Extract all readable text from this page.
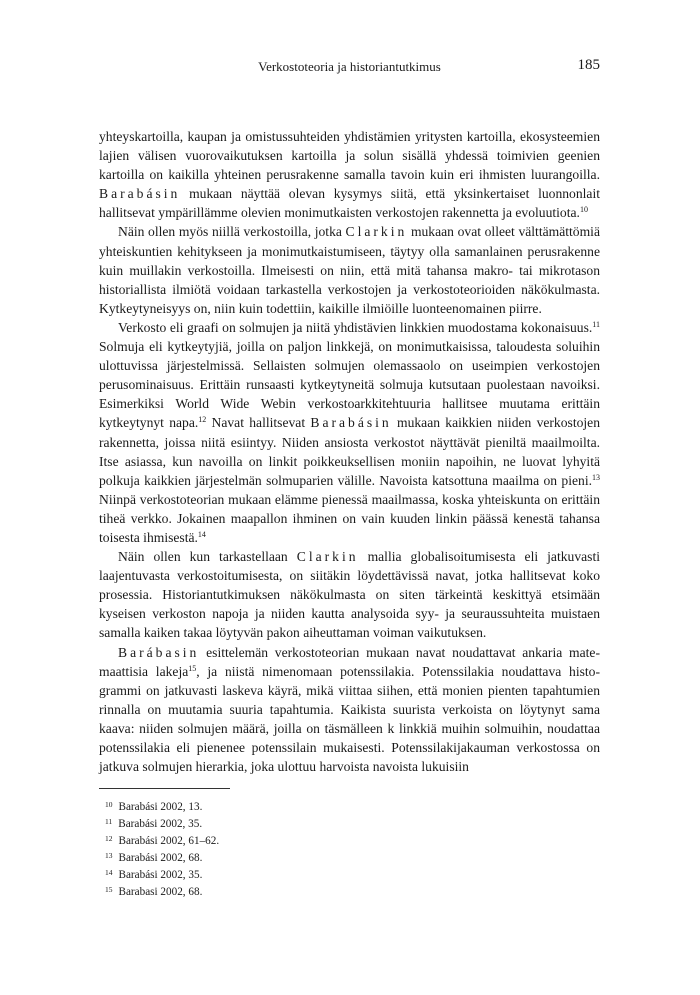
Verkostoteoria ja historiantutkimus	185

yhteyskartoilla, kaupan ja omistussuhteiden yhdistämien yritysten kartoilla, ekosysteemien lajien välisen vuorovaikutuksen kartoilla ja solun sisällä yhdessä toimivien geenien kartoilla on kaikilla yhteinen perusrakenne samalla tavoin kuin eri ihmisten luurangoilla. Barabásin mukaan näyttää olevan kysymys siitä, että yksinkertaiset luonnonlait hallitsevat ympärillämme olevien monimutkaisten verkostojen rakennetta ja evoluutiota.$^{10}$

Näin ollen myös niillä verkostoilla, jotka Clarkin mukaan ovat olleet välttämättömiä yhteiskuntien kehitykseen ja monimutkaistumiseen, täytyy olla samanlainen perusrakenne kuin muillakin verkostoilla. Ilmeisesti on niin, että mitä tahansa makro- tai mikrotason historiallista ilmiötä voidaan tarkastella verkostojen ja verkostoteorioiden näkökulmasta. Kytkeytyneisyys on, niin kuin todettiin, kaikille ilmiöille luonteenomainen piirre.

Verkosto eli graafi on solmujen ja niitä yhdistävien linkkien muodostama kokonaisuus.$^{11}$ Solmuja eli kytkeytyjiä, joilla on paljon linkkejä, on monimutkaisissa, taloudesta soluihin ulottuvissa järjestelmissä. Sellaisten solmujen olemassaolo on useimpien verkostojen perusominaisuus. Erittäin runsaasti kytkeytyneitä solmuja kutsutaan puolestaan navoiksi. Esimerkiksi World Wide Webin verkostoarkkitehtuuria hallitsee muutama erittäin kytkeytynyt napa.$^{12}$ Navat hallitsevat Barabásin mukaan kaikkien niiden verkostojen rakennetta, joissa niitä esiintyy. Niiden ansiosta verkostot näyttävät pieniltä maailmoilta. Itse asiassa, kun navoilla on linkit poikkeuksellisen moniin napoihin, ne luovat lyhyitä polkuja kaikkien järjestelmän solmuparien välille. Navoista katsottuna maailma on pieni.$^{13}$ Niinpä verkostoteorian mukaan elämme pienessä maailmassa, koska yhteiskunta on erittäin tiheä verkko. Jokainen maapallon ihminen on vain kuuden linkin päässä kenestä tahansa toisesta ihmisestä.$^{14}$

Näin ollen kun tarkastellaan Clarkin mallia globalisoitumisesta eli jatkuvasti laajentuvasta verkostoitumisesta, on siitäkin löydettävissä navat, jotka hallitsevat koko prosessia. Historiantutkimuksen näkökulmasta on siten tärkeintä keskittyä etsimään kyseisen verkoston napoja ja niiden kautta analysoida syy- ja seuraussuhteita muistaen samalla kaiken takaa löytyvän pakon aiheuttaman voiman vaikutuksen.

Barábasin esittelemän verkostoteorian mukaan navat noudattavat ankaria matemaattisia lakeja$^{15}$, ja niistä nimenomaan potenssilakia. Potenssilakia noudattava histogrammi on jatkuvasti laskeva käyrä, mikä viittaa siihen, että monien pienten tapahtumien rinnalla on muutamia suuria tapahtumia. Kaikista suurista verkoista on löytynyt sama kaava: niiden solmujen määrä, joilla on täsmälleen k linkkiä muihin solmuihin, noudattaa potenssilakia eli pienenee potenssilain mukaisesti. Potenssilakijakauman verkostossa on jatkuva solmujen hierarkia, joka ulottuu harvoista navoista lukuisiin

$^{10}$ Barabási 2002, 13.
$^{11}$ Barabási 2002, 35.
$^{12}$ Barabási 2002, 61–62.
$^{13}$ Barabási 2002, 68.
$^{14}$ Barabási 2002, 35.
$^{15}$ Barabasi 2002, 68.
